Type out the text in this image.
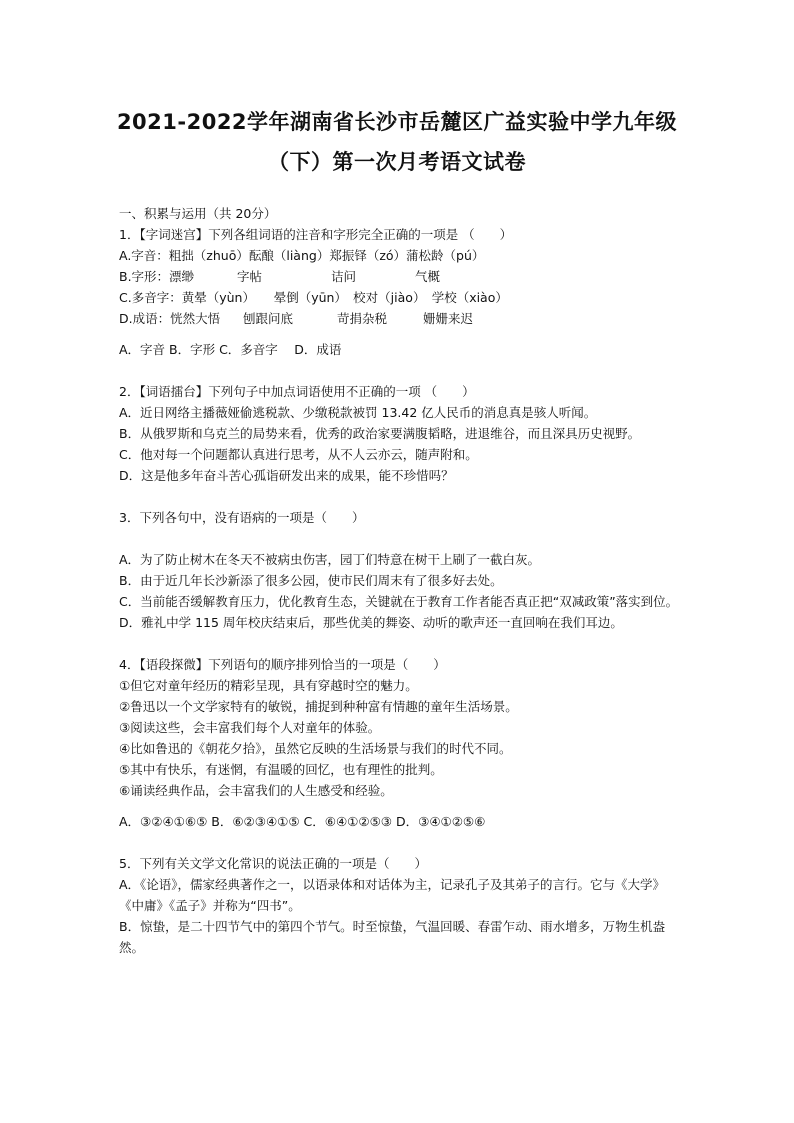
2021-2022学年湖南省长沙市岳麓区广益实验中学九年级
（下）第一次月考语文试卷
一、积累与运用（共 20分）
1．【字词迷宫】下列各组词语的注音和字形完全正确的一项是 （　　）
A.字音：粗拙（zhuō）酝酿（liàng）郑振铎（zó）蒲松龄（pú）
B.字形：漂缈	字帖	诘问	气概
C.多音字：黄晕（yùn）　　晕倒（yūn）　校对（jiào）　学校（xiào）
D.成语：恍然大悟 刨跟问底	苛捐杂税	姗姗来迟
A．字音 B．字形 C．多音字　 D．成语
2．【词语擂台】下列句子中加点词语使用不正确的一项 （　　）
A．近日网络主播薇娅偷逃税款、少缴税款被罚 13.42 亿人民币的消息真是骇人听闻。
B．从俄罗斯和乌克兰的局势来看，优秀的政治家要满腹韬略，进退维谷，而且深具历史视野。
C．他对每一个问题都认真进行思考，从不人云亦云，随声附和。
D．这是他多年奋斗苦心孤诣研发出来的成果，能不珍惜吗？
3．下列各句中，没有语病的一项是（　　）
A．为了防止树木在冬天不被病虫伤害，园丁们特意在树干上刷了一截白灰。
B．由于近几年长沙新添了很多公园，使市民们周末有了很多好去处。
C．当前能否缓解教育压力，优化教育生态，关键就在于教育工作者能否真正把“双减政策”落实到位。
D．雅礼中学 115 周年校庆结束后，那些优美的舞姿、动听的歌声还一直回响在我们耳边。
4．【语段探微】下列语句的顺序排列恰当的一项是（　　）
①但它对童年经历的精彩呈现，具有穿越时空的魅力。
②鲁迅以一个文学家特有的敏锐，捕捉到种种富有情趣的童年生活场景。
③阅读这些，会丰富我们每个人对童年的体验。
④比如鲁迅的《朝花夕拾》，虽然它反映的生活场景与我们的时代不同。
⑤其中有快乐，有迷惘，有温暖的回忆，也有理性的批判。
⑥诵读经典作品，会丰富我们的人生感受和经验。
A．③②④①⑥⑤ B．⑥②③④①⑤ C．⑥④①②⑤③ D．③④①②⑤⑥
5．下列有关文学文化常识的说法正确的一项是（　　）
A．《论语》，儒家经典著作之一，以语录体和对话体为主，记录孔子及其弟子的言行。它与《大学》《中庸》《孟子》并称为“四书”。
B．惊蛰，是二十四节气中的第四个节气。时至惊蛰，气温回暖、春雷乍动、雨水增多，万物生机盎然。
